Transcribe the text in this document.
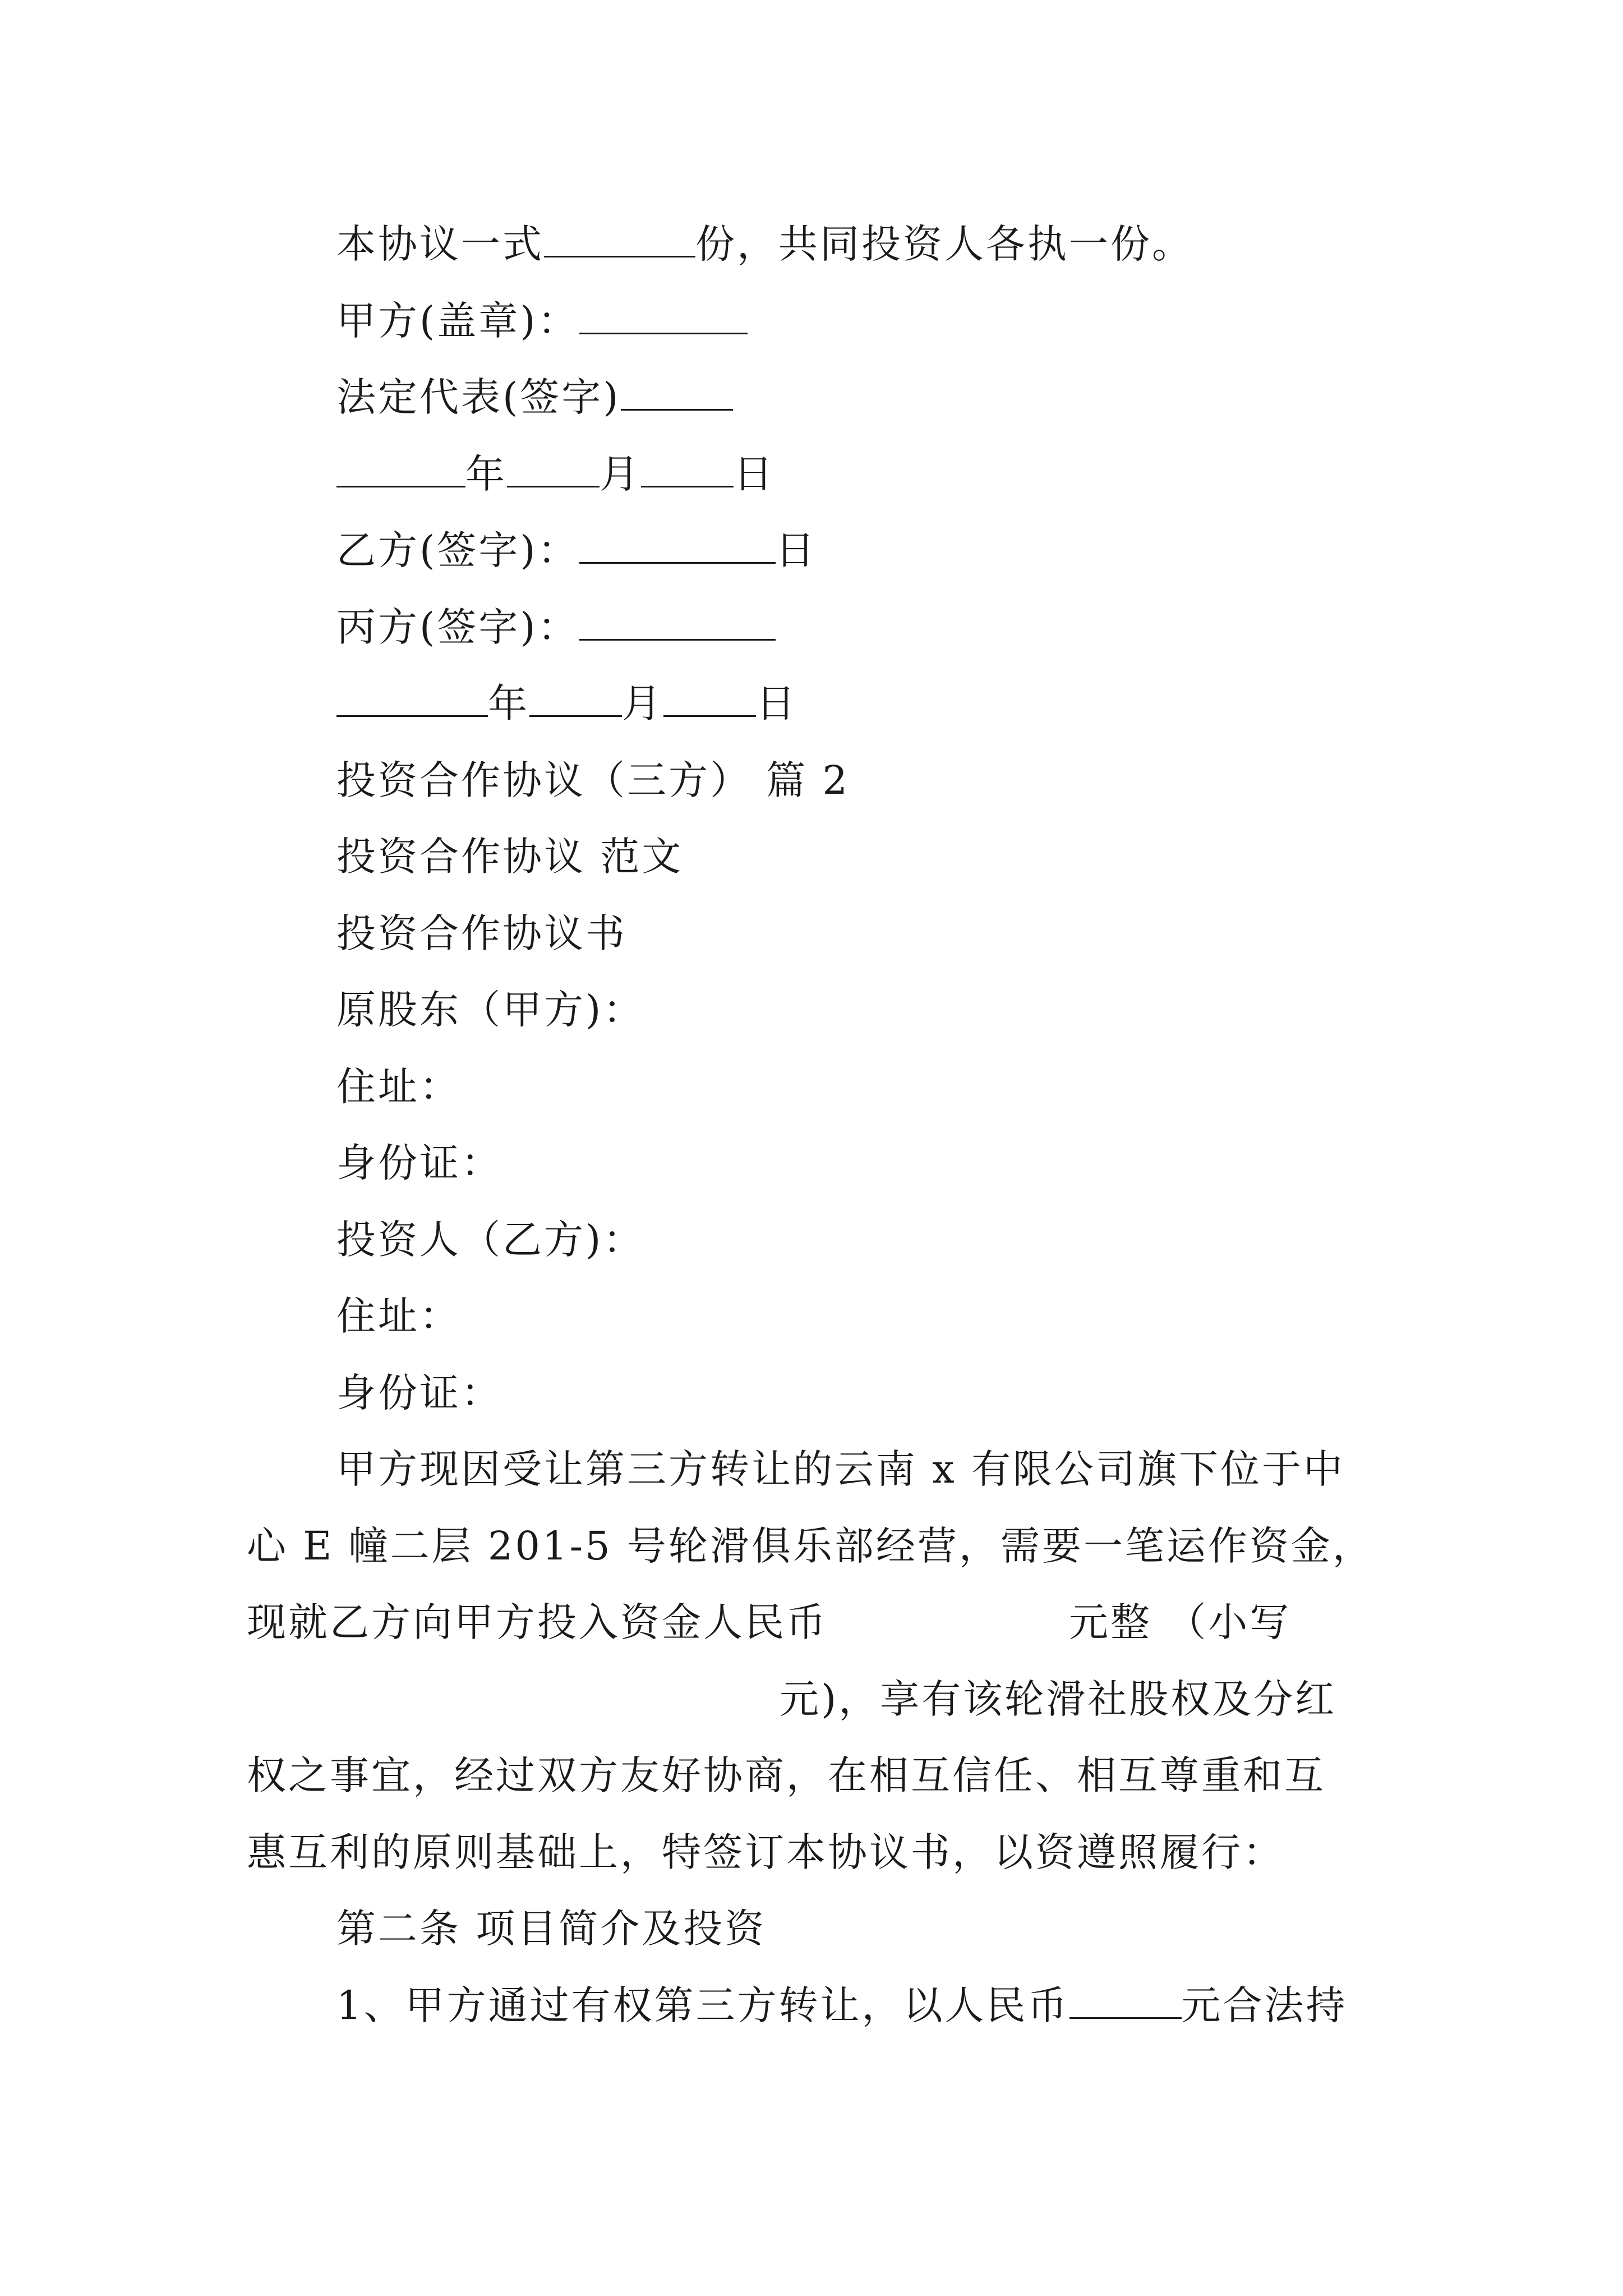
本协议一式	份，共同投资人各执一份。
甲方(盖章)：
法定代表(签字)
年 月 日
乙方(签字)：	日
丙方(签字)：
年 月 日
投资合作协议（三方） 篇 2
投资合作协议 范文
投资合作协议书
原股东（甲方)：
住址：
身份证：
投资人（乙方)：
住址：
身份证：
甲方现因受让第三方转让的云南 x 有限公司旗下位于中
心 E 幢二层 201-5 号轮滑俱乐部经营，需要一笔运作资金，
现就乙方向甲方投入资金人民币	元整 （小写
元)，享有该轮滑社股权及分红
权之事宜，经过双方友好协商，在相互信任、相互尊重和互
惠互利的原则基础上，特签订本协议书，以资遵照履行：
第二条 项目简介及投资
1、甲方通过有权第三方转让，以人民币	元合法持
